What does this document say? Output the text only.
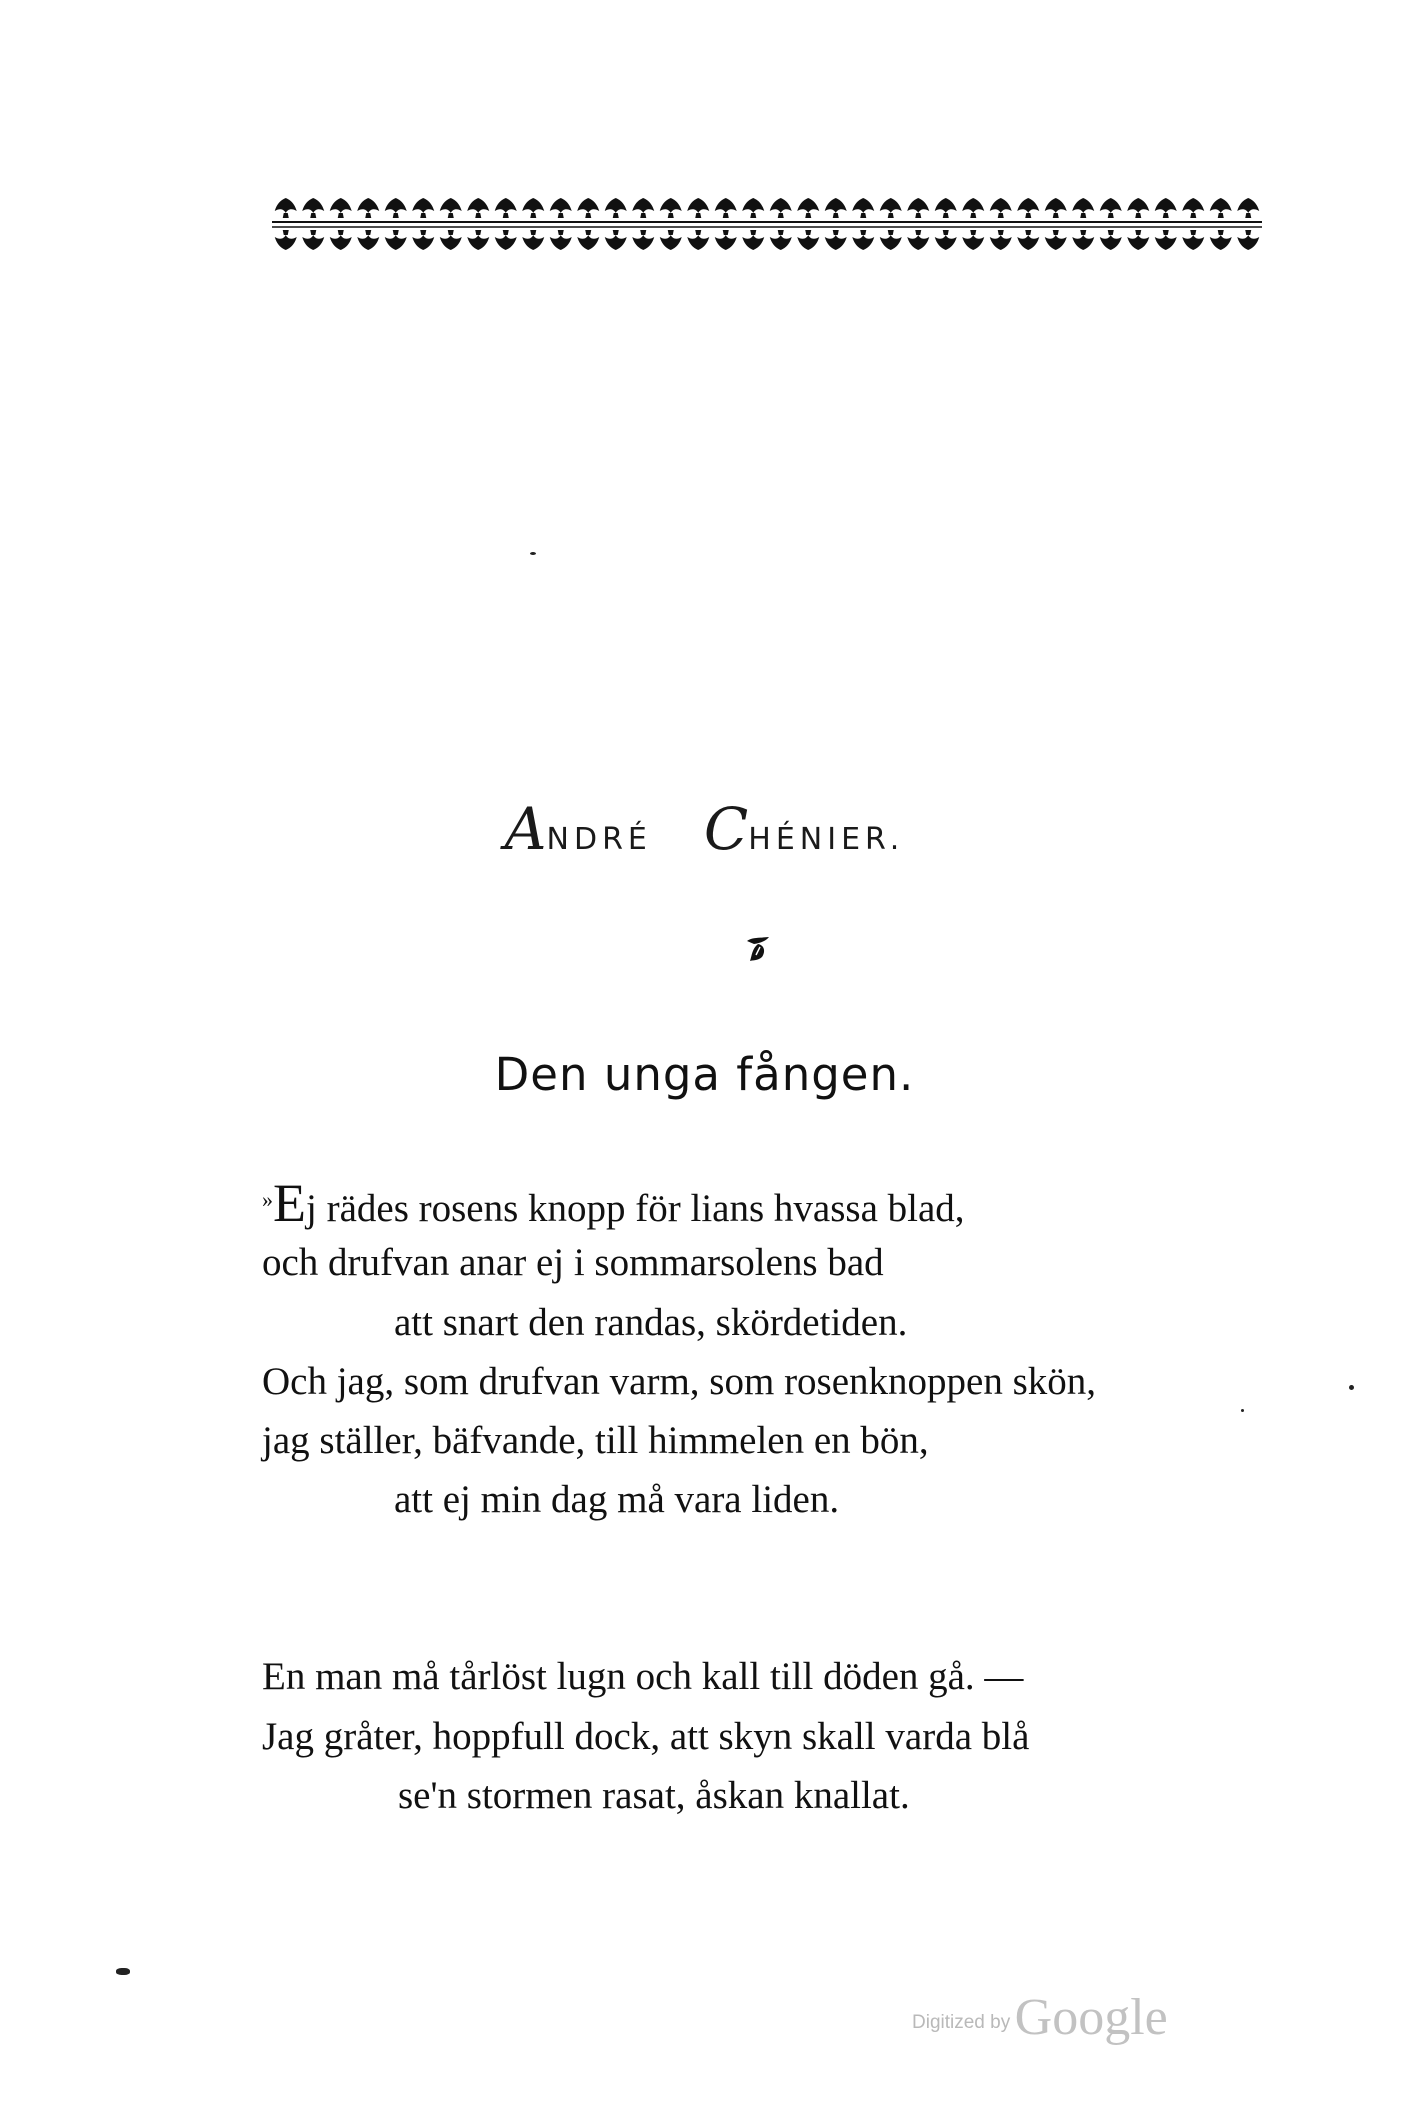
ANDRÉ CHÉNIER.
Den unga fången.
»Ej rädes rosens knopp för lians hvassa blad,
och drufvan anar ej i sommarsolens bad
att snart den randas, skördetiden.
Och jag, som drufvan varm, som rosenknoppen skön,
jag ställer, bäfvande, till himmelen en bön,
att ej min dag må vara liden.
En man må tårlöst lugn och kall till döden gå. —
Jag gråter, hoppfull dock, att skyn skall varda blå
se'n stormen rasat, åskan knallat.
Digitized by Google
